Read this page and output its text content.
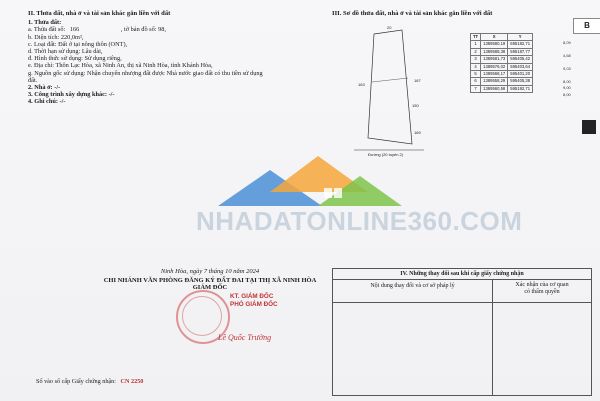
II. Thửa đất, nhà ở và tài sản khác gắn liền với đất
1. Thửa đất:
a. Thửa đất số: 166	, tờ bản đồ số: 98,
b. Diện tích: 220,0m²,
c. Loại đất: Đất ở tại nông thôn (ONT),
d. Thời hạn sử dụng: Lâu dài,
đ. Hình thức sử dụng: Sử dụng riêng,
e. Địa chỉ: Thôn Lạc Hòa, xã Ninh An, thị xã Ninh Hòa, tỉnh Khánh Hòa,
g. Nguồn gốc sử dụng: Nhận chuyển nhượng đất được Nhà nước giao đất có thu tiền sử dụng
đất.
2. Nhà ở: -/-
3. Công trình xây dựng khác: -/-
4. Ghi chú: -/-
III. Sơ đồ thửa đất, nhà ở và tài sản khác gắn liền với đất
20
167
163
150
169
Đường (20 tuyến 2)
TT	X	Y
1	1389580,19	595182,71
2	1389588,38	595187,77
3	1389581,73	595405,42
4	1389576,02	595403,64
5	1389568,17	595401,20
6	1389558,29	595405,38
7	1389560,58	595192,71
8,09
4,68
9,03
8,00
9,00
8,00
B
NHADATONLINE360.COM
Ninh Hòa, ngày 7 tháng 10 năm 2024
CHI NHÁNH VĂN PHÒNG ĐĂNG KÝ ĐẤT ĐAI TẠI THỊ XÃ NINH HÒA
GIÁM ĐỐC
KT. GIÁM ĐỐC
PHÓ GIÁM ĐỐC
Lê Quốc Trường
Số vào sổ cấp Giấy chứng nhận: CN 2250
IV. Những thay đổi sau khi cấp giấy chứng nhận
Nội dung thay đổi và cơ sở pháp lý	Xác nhận của cơ quan
có thẩm quyền
